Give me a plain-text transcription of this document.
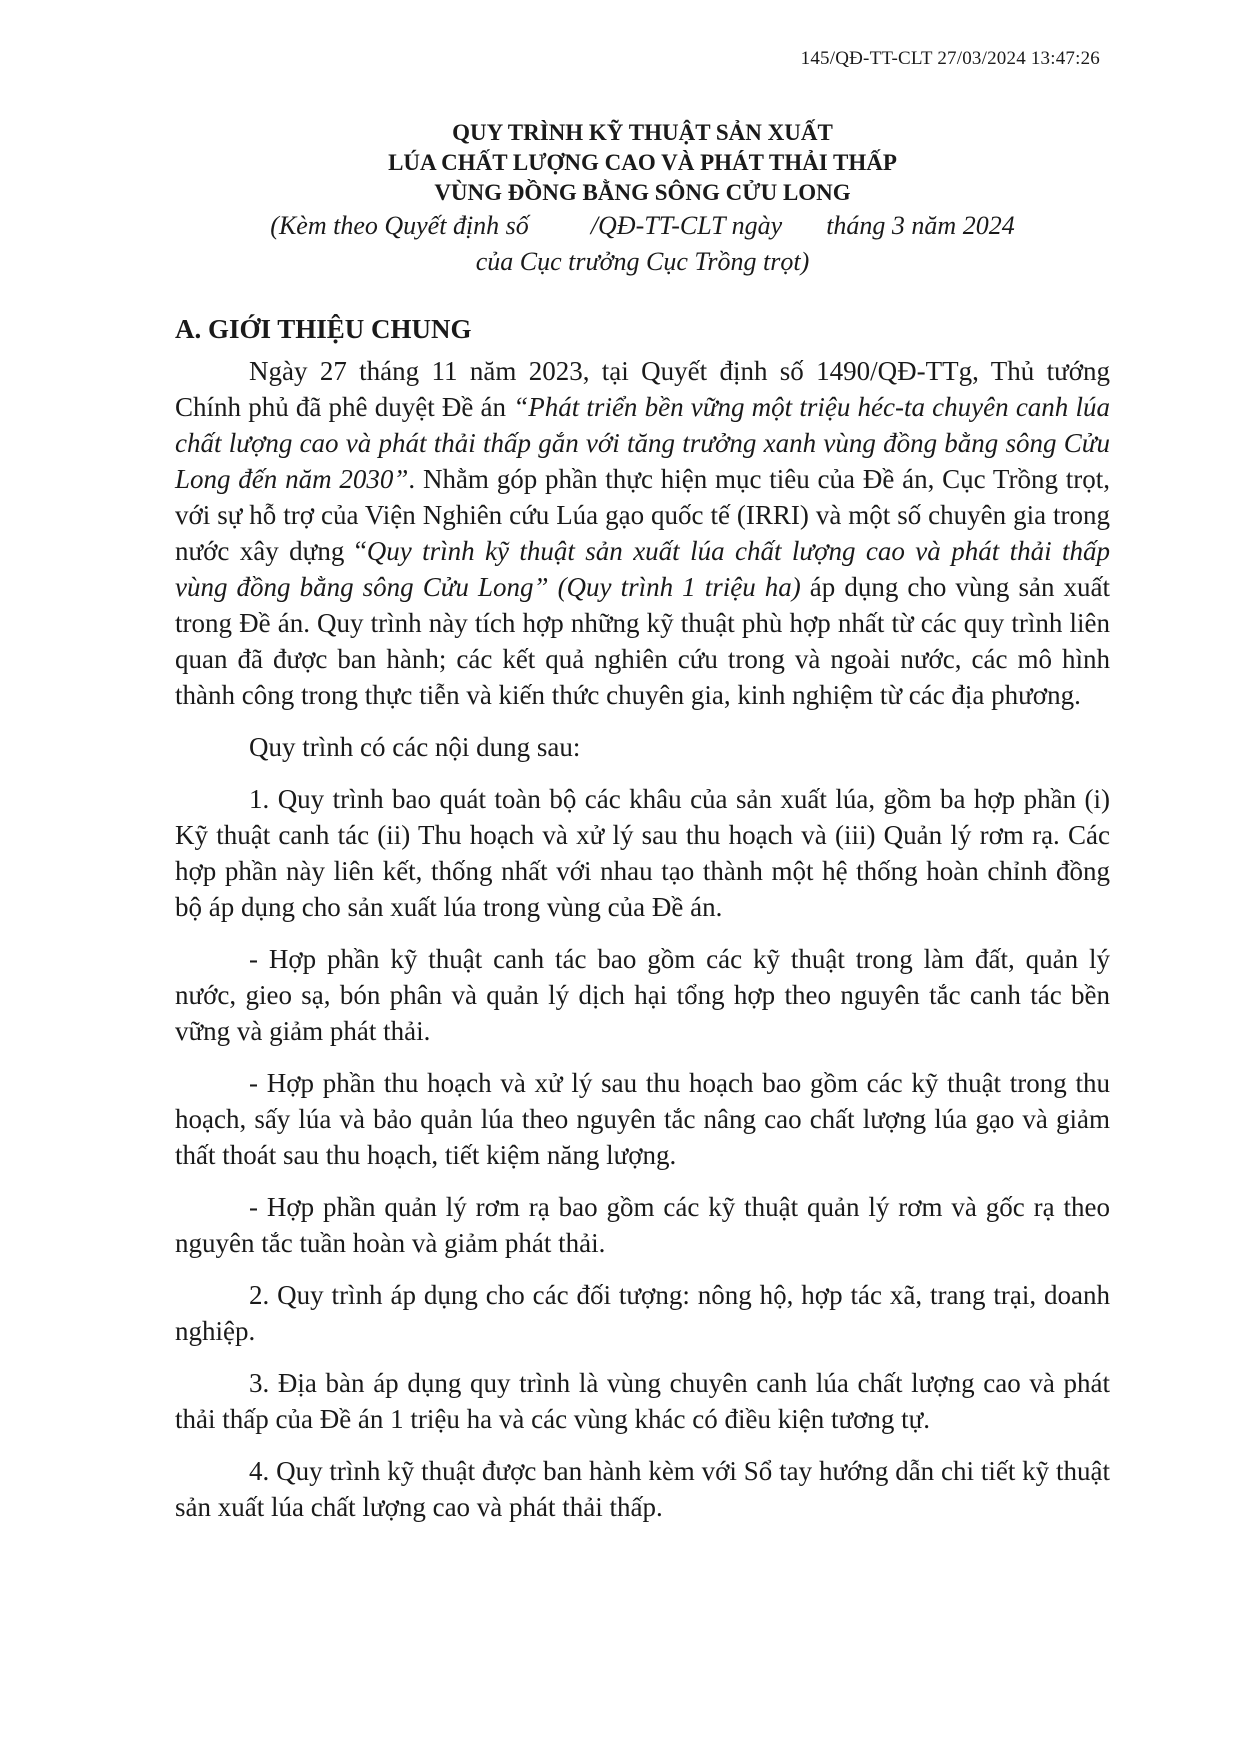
145/QĐ-TT-CLT 27/03/2024 13:47:26
QUY TRÌNH KỸ THUẬT SẢN XUẤT
LÚA CHẤT LƯỢNG CAO VÀ PHÁT THẢI THẤP
VÙNG ĐỒNG BẰNG SÔNG CỬU LONG
(Kèm theo Quyết định số /QĐ-TT-CLT ngày tháng 3 năm 2024
của Cục trưởng Cục Trồng trọt)
A. GIỚI THIỆU CHUNG

Ngày 27 tháng 11 năm 2023, tại Quyết định số 1490/QĐ-TTg, Thủ tướng Chính phủ đã phê duyệt Đề án “Phát triển bền vững một triệu héc-ta chuyên canh lúa chất lượng cao và phát thải thấp gắn với tăng trưởng xanh vùng đồng bằng sông Cửu Long đến năm 2030”. Nhằm góp phần thực hiện mục tiêu của Đề án, Cục Trồng trọt, với sự hỗ trợ của Viện Nghiên cứu Lúa gạo quốc tế (IRRI) và một số chuyên gia trong nước xây dựng “Quy trình kỹ thuật sản xuất lúa chất lượng cao và phát thải thấp vùng đồng bằng sông Cửu Long” (Quy trình 1 triệu ha) áp dụng cho vùng sản xuất trong Đề án. Quy trình này tích hợp những kỹ thuật phù hợp nhất từ các quy trình liên quan đã được ban hành; các kết quả nghiên cứu trong và ngoài nước, các mô hình thành công trong thực tiễn và kiến thức chuyên gia, kinh nghiệm từ các địa phương.

Quy trình có các nội dung sau:

1. Quy trình bao quát toàn bộ các khâu của sản xuất lúa, gồm ba hợp phần (i) Kỹ thuật canh tác (ii) Thu hoạch và xử lý sau thu hoạch và (iii) Quản lý rơm rạ. Các hợp phần này liên kết, thống nhất với nhau tạo thành một hệ thống hoàn chỉnh đồng bộ áp dụng cho sản xuất lúa trong vùng của Đề án.

- Hợp phần kỹ thuật canh tác bao gồm các kỹ thuật trong làm đất, quản lý nước, gieo sạ, bón phân và quản lý dịch hại tổng hợp theo nguyên tắc canh tác bền vững và giảm phát thải.

- Hợp phần thu hoạch và xử lý sau thu hoạch bao gồm các kỹ thuật trong thu hoạch, sấy lúa và bảo quản lúa theo nguyên tắc nâng cao chất lượng lúa gạo và giảm thất thoát sau thu hoạch, tiết kiệm năng lượng.

- Hợp phần quản lý rơm rạ bao gồm các kỹ thuật quản lý rơm và gốc rạ theo nguyên tắc tuần hoàn và giảm phát thải.

2. Quy trình áp dụng cho các đối tượng: nông hộ, hợp tác xã, trang trại, doanh nghiệp.

3. Địa bàn áp dụng quy trình là vùng chuyên canh lúa chất lượng cao và phát thải thấp của Đề án 1 triệu ha và các vùng khác có điều kiện tương tự.

4. Quy trình kỹ thuật được ban hành kèm với Sổ tay hướng dẫn chi tiết kỹ thuật sản xuất lúa chất lượng cao và phát thải thấp.
